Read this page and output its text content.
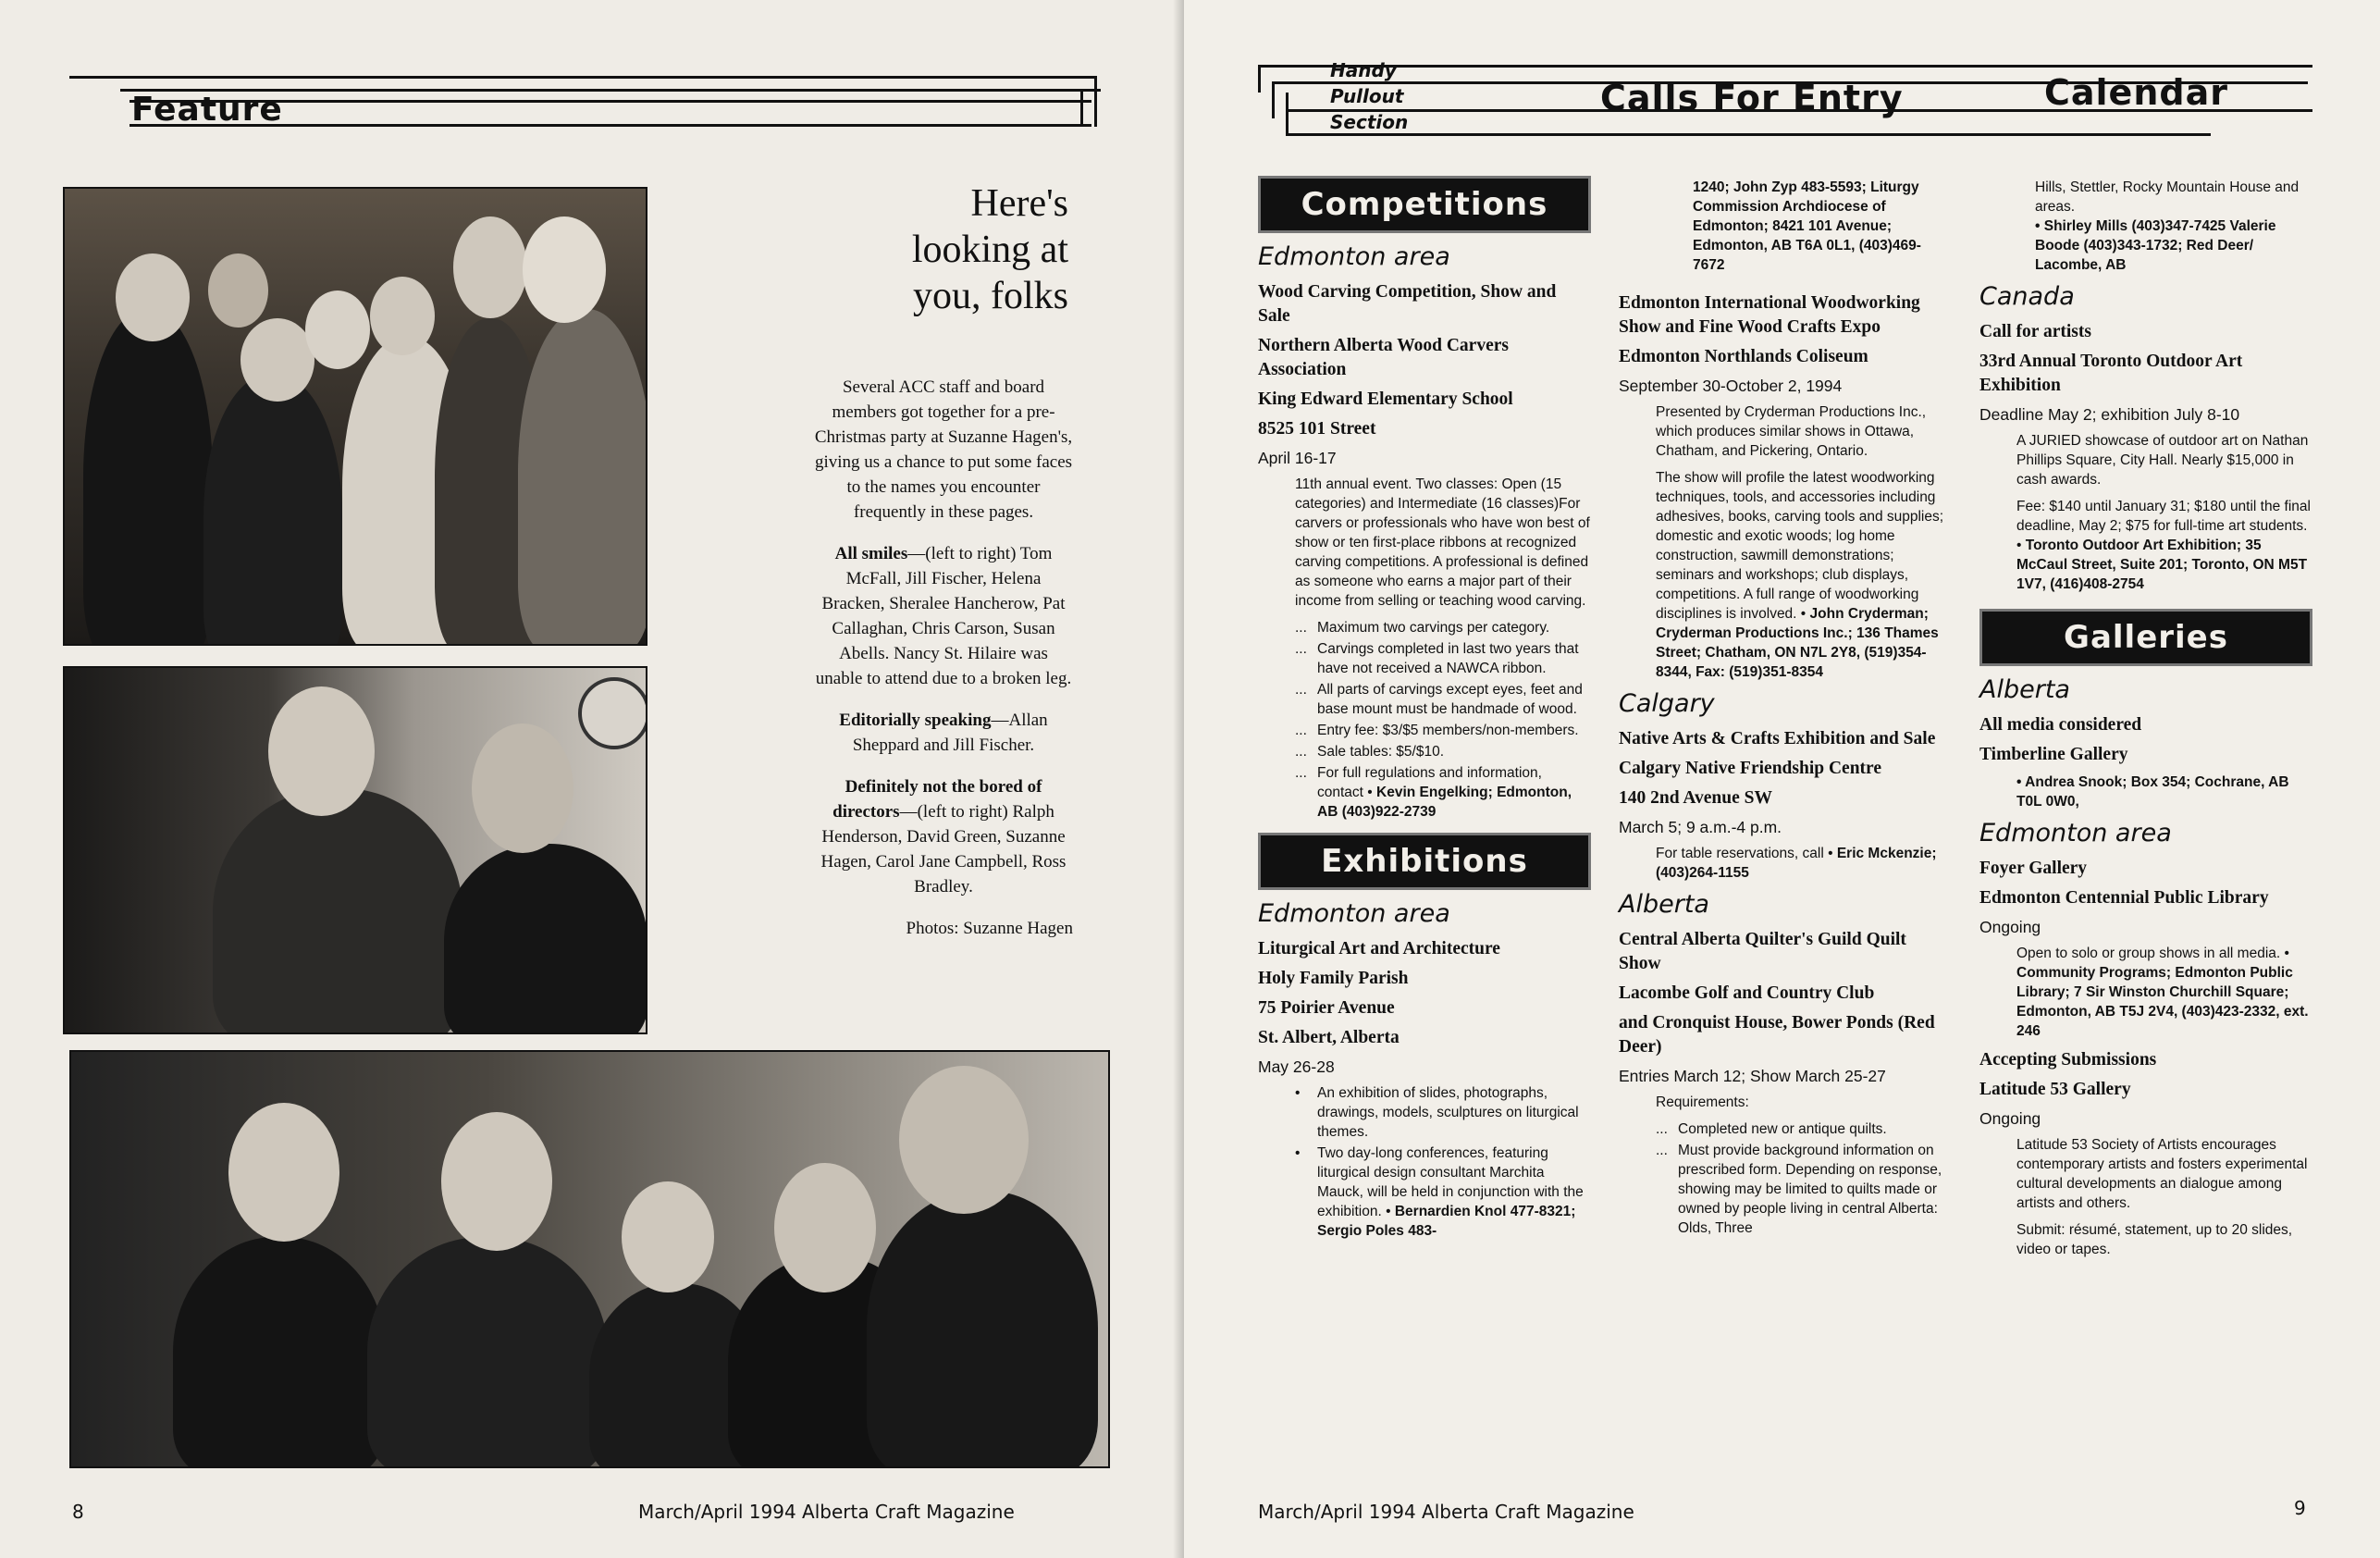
Feature
Here's
looking at
you, folks

Several ACC staff and board members got together for a pre-Christmas party at Suzanne Hagen's, giving us a chance to put some faces to the names you encounter frequently in these pages.

All smiles—(left to right) Tom McFall, Jill Fischer, Helena Bracken, Sheralee Hancherow, Pat Callaghan, Chris Carson, Susan Abells. Nancy St. Hilaire was unable to attend due to a broken leg.

Editorially speaking—Allan Sheppard and Jill Fischer.

Definitely not the bored of directors—(left to right) Ralph Henderson, David Green, Suzanne Hagen, Carol Jane Campbell, Ross Bradley.

Photos: Suzanne Hagen

8	March/April 1994 Alberta Craft Magazine
Handy
Pullout
Section
Calls For Entry	Calendar
Competitions
Edmonton area
Wood Carving Competition, Show and Sale
Northern Alberta Wood Carvers Association
King Edward Elementary School
8525 101 Street
April 16-17
11th annual event. Two classes: Open (15 categories) and Intermediate (16 classes)For carvers or professionals who have won best of show or ten first-place ribbons at recognized carving competitions. A professional is defined as someone who earns a major part of their income from selling or teaching wood carving.
... Maximum two carvings per category.
... Carvings completed in last two years that have not received a NAWCA ribbon.
... All parts of carvings except eyes, feet and base mount must be handmade of wood.
... Entry fee: $3/$5 members/non-members.
... Sale tables: $5/$10.
... For full regulations and information, contact • Kevin Engelking; Edmonton, AB (403)922-2739
Exhibitions
Edmonton area
Liturgical Art and Architecture
Holy Family Parish
75 Poirier Avenue
St. Albert, Alberta
May 26-28
• An exhibition of slides, photographs, drawings, models, sculptures on liturgical themes.
• Two day-long conferences, featuring liturgical design consultant Marchita Mauck, will be held in conjunction with the exhibition. • Bernardien Knol 477-8321; Sergio Poles 483-
1240; John Zyp 483-5593; Liturgy Commission Archdiocese of Edmonton; 8421 101 Avenue; Edmonton, AB T6A 0L1, (403)469-7672
Edmonton International Woodworking Show and Fine Wood Crafts Expo
Edmonton Northlands Coliseum
September 30-October 2, 1994
Presented by Cryderman Productions Inc., which produces similar shows in Ottawa, Chatham, and Pickering, Ontario.
The show will profile the latest woodworking techniques, tools, and accessories including adhesives, books, carving tools and supplies; domestic and exotic woods; log home construction, sawmill demonstrations; seminars and workshops; club displays, competitions. A full range of woodworking disciplines is involved. • John Cryderman; Cryderman Productions Inc.; 136 Thames Street; Chatham, ON N7L 2Y8, (519)354-8344, Fax: (519)351-8354
Calgary
Native Arts & Crafts Exhibition and Sale
Calgary Native Friendship Centre
140 2nd Avenue SW
March 5; 9 a.m.-4 p.m.
For table reservations, call • Eric Mckenzie; (403)264-1155
Alberta
Central Alberta Quilter's Guild Quilt Show
Lacombe Golf and Country Club
and Cronquist House, Bower Ponds (Red Deer)
Entries March 12; Show March 25-27
Requirements:
... Completed new or antique quilts.
... Must provide background information on prescribed form. Depending on response, showing may be limited to quilts made or owned by people living in central Alberta: Olds, Three
Hills, Stettler, Rocky Mountain House and areas.
• Shirley Mills (403)347-7425 Valerie Boode (403)343-1732; Red Deer/ Lacombe, AB
Canada
Call for artists
33rd Annual Toronto Outdoor Art Exhibition
Deadline May 2; exhibition July 8-10
A JURIED showcase of outdoor art on Nathan Phillips Square, City Hall. Nearly $15,000 in cash awards.
Fee: $140 until January 31; $180 until the final deadline, May 2; $75 for full-time art students. • Toronto Outdoor Art Exhibition; 35 McCaul Street, Suite 201; Toronto, ON M5T 1V7, (416)408-2754
Galleries
Alberta
All media considered
Timberline Gallery
• Andrea Snook; Box 354; Cochrane, AB T0L 0W0,
Edmonton area
Foyer Gallery
Edmonton Centennial Public Library
Ongoing
Open to solo or group shows in all media. • Community Programs; Edmonton Public Library; 7 Sir Winston Churchill Square; Edmonton, AB T5J 2V4, (403)423-2332, ext. 246
Accepting Submissions
Latitude 53 Gallery
Ongoing
Latitude 53 Society of Artists encourages contemporary artists and fosters experimental cultural developments an dialogue among artists and others.
Submit: résumé, statement, up to 20 slides, video or tapes.
March/April 1994 Alberta Craft Magazine	9
